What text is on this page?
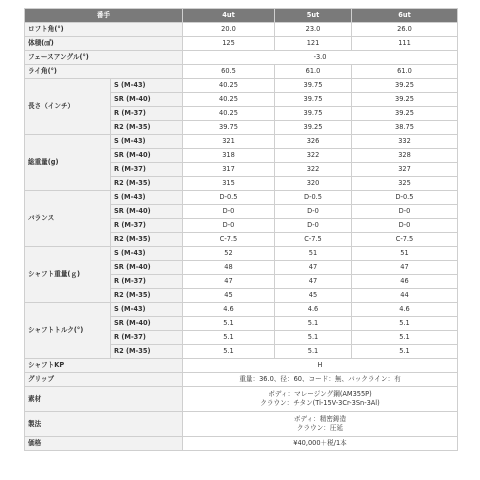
番手		4ut	5ut	6ut
ロフト角(°)		20.0	23.0	26.0
体積(㎤)		125	121	111
フェースアングル(°)		-3.0		
ライ角(°)		60.5	61.0	61.0
長さ（インチ）	S (M-43)	40.25	39.75	39.25
	SR (M-40)	40.25	39.75	39.25
	R (M-37)	40.25	39.75	39.25
	R2 (M-35)	39.75	39.25	38.75
総重量(g)	S (M-43)	321	326	332
	SR (M-40)	318	322	328
	R (M-37)	317	322	327
	R2 (M-35)	315	320	325
バランス	S (M-43)	D-0.5	D-0.5	D-0.5
	SR (M-40)	D-0	D-0	D-0
	R (M-37)	D-0	D-0	D-0
	R2 (M-35)	C-7.5	C-7.5	C-7.5
シャフト重量(ｇ)	S (M-43)	52	51	51
	SR (M-40)	48	47	47
	R (M-37)	47	47	46
	R2 (M-35)	45	45	44
シャフトトルク(°)	S (M-43)	4.6	4.6	4.6
	SR (M-40)	5.1	5.1	5.1
	R (M-37)	5.1	5.1	5.1
	R2 (M-35)	5.1	5.1	5.1
シャフトKP		H		
グリップ		重量：36.0、径：60、コード：無、バックライン：有		
素材		ボディ：マレージング鋼(AM355P)
クラウン：チタン(Ti-15V-3Cr-3Sn-3Al)		

製法		ボディ：精密鋳造
クラウン：圧延		

価格		¥40,000＋税/1本		
